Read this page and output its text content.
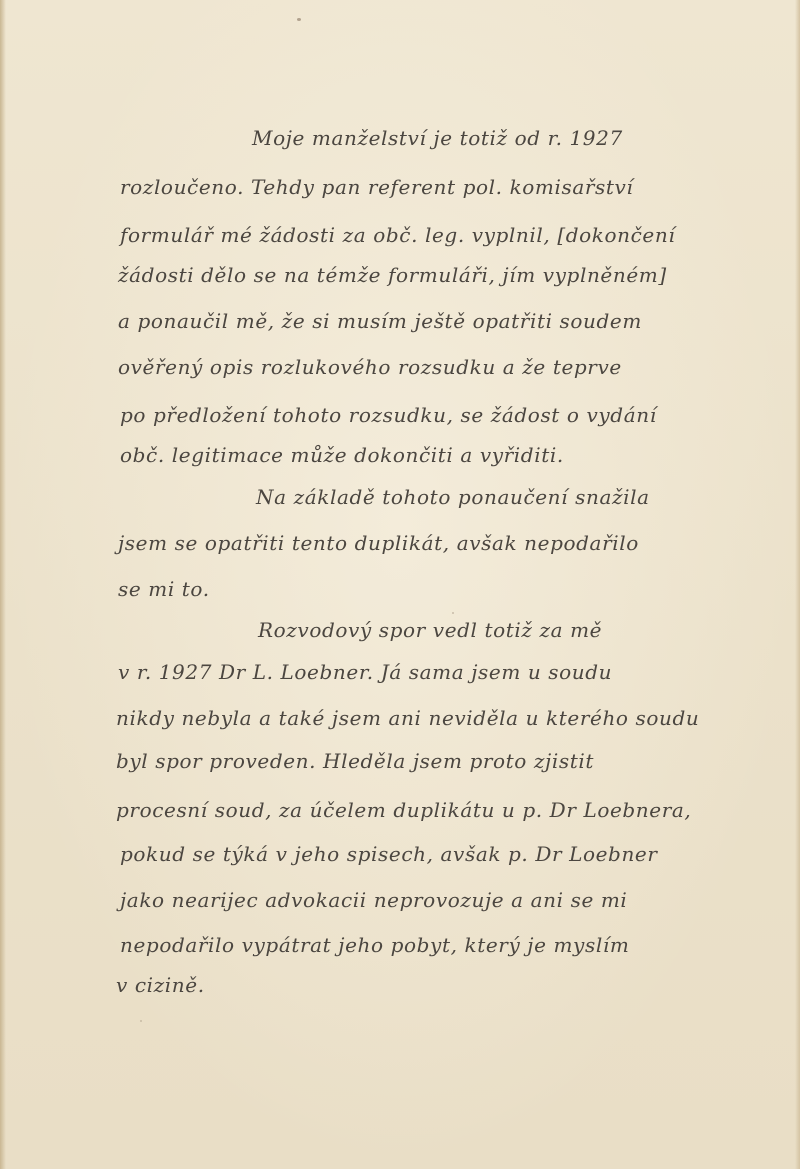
Moje manželství je totiž od r. 1927
rozloučeno. Tehdy pan referent pol. komisařství
formulář mé žádosti za obč. leg. vyplnil, [dokončení
žádosti dělo se na témže formuláři, jím vyplněném]
a ponaučil mě, že si musím ještě opatřiti soudem
ověřený opis rozlukového rozsudku a že teprve
po předložení tohoto rozsudku, se žádost o vydání
obč. legitimace může dokončiti a vyřiditi.
Na základě tohoto ponaučení snažila
jsem se opatřiti tento duplikát, avšak nepodařilo
se mi to.
Rozvodový spor vedl totiž za mě
v r. 1927 Dr L. Loebner. Já sama jsem u soudu
nikdy nebyla a také jsem ani neviděla u kterého soudu
byl spor proveden. Hleděla jsem proto zjistit
procesní soud, za účelem duplikátu u p. Dr Loebnera,
pokud se týká v jeho spisech, avšak p. Dr Loebner
jako nearijec advokacii neprovozuje a ani se mi
nepodařilo vypátrat jeho pobyt, který je myslím
v cizině.
